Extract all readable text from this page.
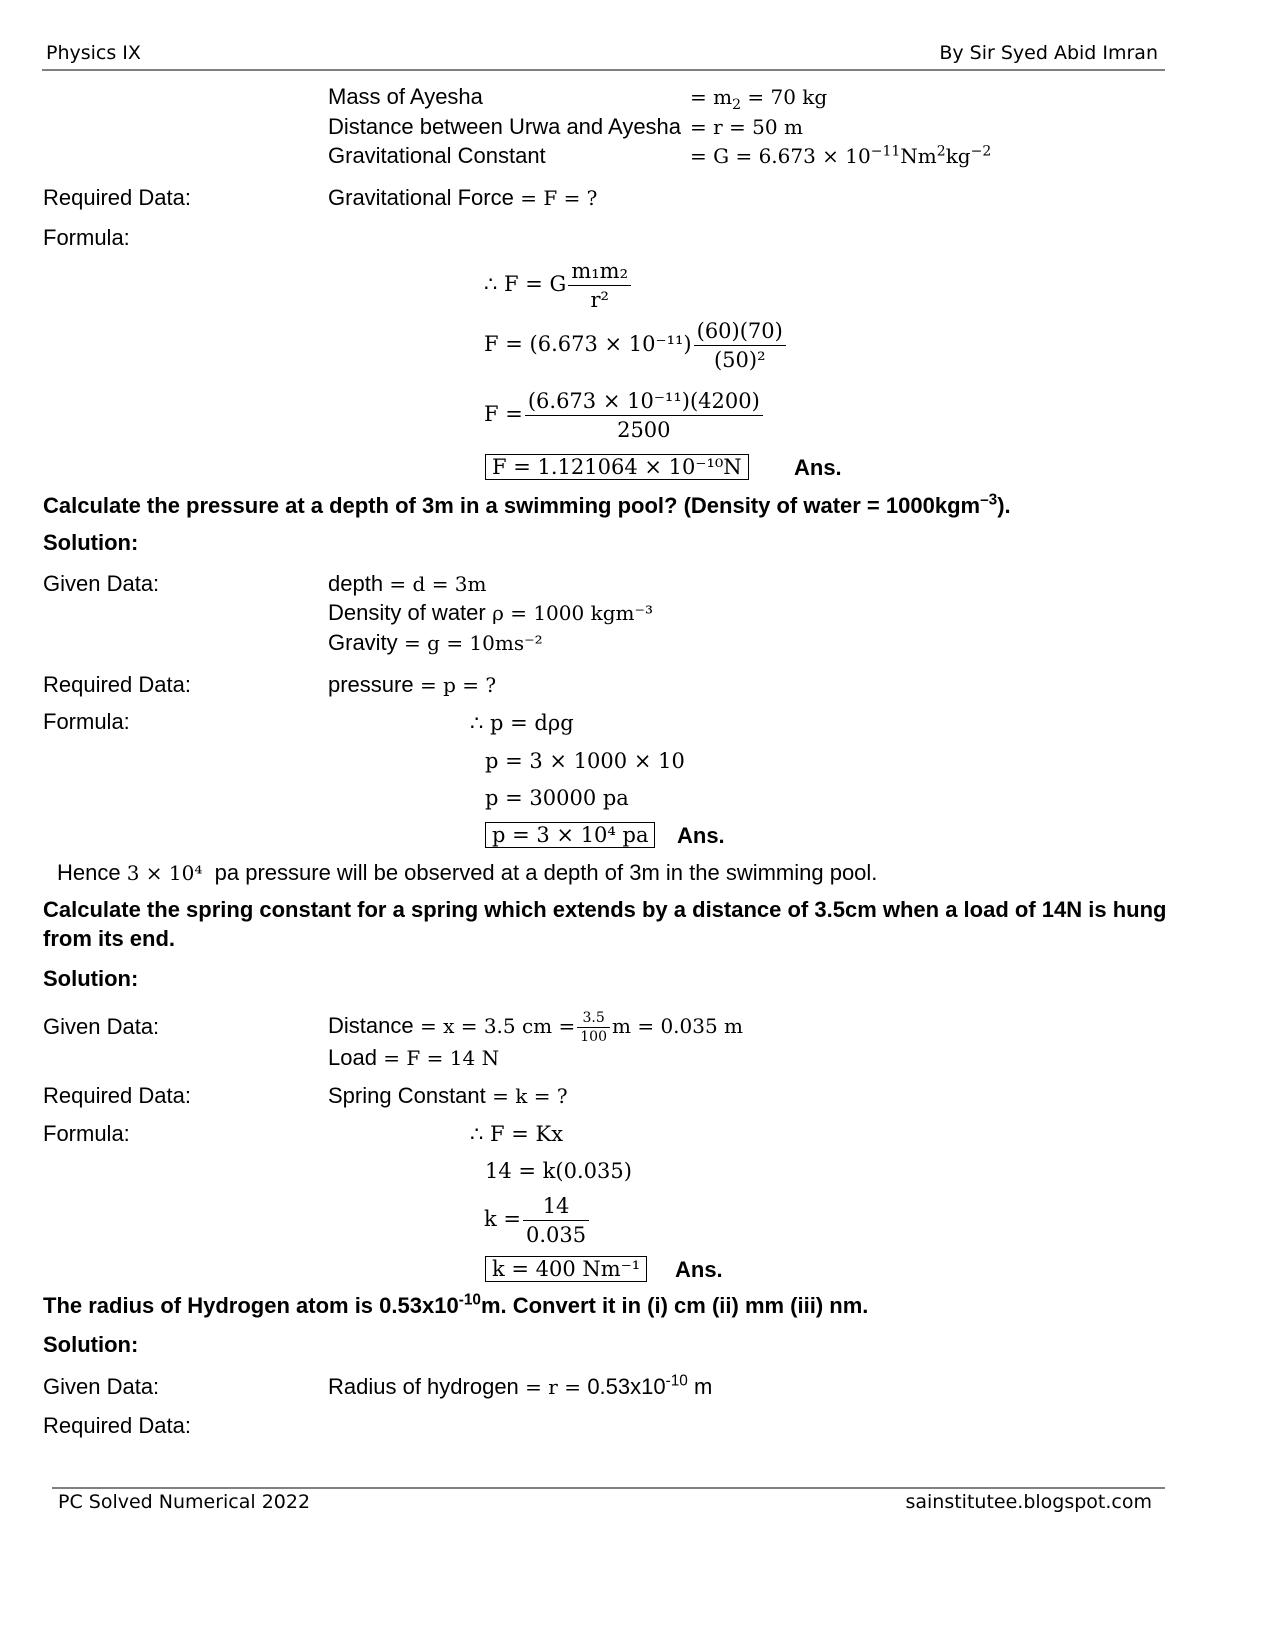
Physics IX	By Sir Syed Abid Imran
Mass of Ayesha	= $m_2 = 70$ kg
Distance between Urwa and Ayesha = r = 50 m
Gravitational Constant	= $G = 6.673 \times 10^{-11}Nm^2kg^{-2}$
Required Data:	Gravitational Force = F = ?
Formula:
∴ F = G $\frac{\text{m₁m₂}}{\text{r²}}$
$F = (6.673 \times 10^{-11}) \frac{(60)(70)}{\text{(50)²}}$
$F = \frac{\text{(6.673 × 10⁻¹¹)(4200)}}{2500}$
F = 1.121064 × 10⁻¹⁰N	Ans.
Calculate the pressure at a depth of 3m in a swimming pool? (Density of water = 1000kgm$^{-3}$).
Solution:
Given Data:	depth = d = 3m
Density of water ρ = 1000 kgm⁻³
Gravity = g = 10ms⁻²
Required Data:	pressure = p = ?
Formula:	∴ p = dρg
p = 3 × 1000 × 10
p = 30000 pa
p = 3 × 10⁴ pa	Ans.
Hence 3 × 10⁴ pa pressure will be observed at a depth of 3m in the swimming pool.
Calculate the spring constant for a spring which extends by a distance of 3.5cm when a load of 14N is hung
from its end.
Solution:
Given Data:	Distance = x = 3.5 cm = $\frac{3.5}{100}$ m = 0.035 m
Load = F = 14 N
Required Data:	Spring Constant = k = ?
Formula:	∴ F = Kx
14 = k(0.035)
$k = \frac{14}{0.035}$
k = 400 Nm⁻¹	Ans.
The radius of Hydrogen atom is $0.53x10^{-10}m$. Convert it in (i) cm (ii) mm (iii) nm.
Solution:
Given Data:	Radius of hydrogen = $r = 0.53x10^{-10}$ m
Required Data:
PC Solved Numerical 2022	sainstitutee.blogspot.com
